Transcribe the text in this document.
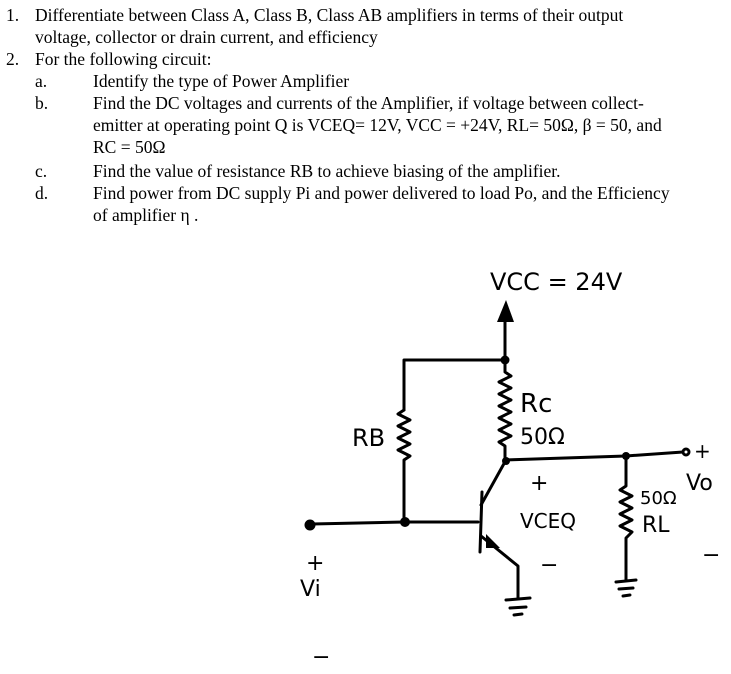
1. Differentiate between Class A, Class B, Class AB amplifiers in terms of their output
voltage, collector or drain current, and efficiency
2. For the following circuit:
a.	Identify the type of Power Amplifier
b.	Find the DC voltages and currents of the Amplifier, if voltage between collect-
emitter at operating point Q is VCEQ= 12V, VCC = +24V, RL= 50Ω, β = 50, and
RC = 50Ω
c.	Find the value of resistance RB to achieve biasing of the amplifier.
d.	Find power from DC supply Pi and power delivered to load Po, and the Efficiency
of amplifier η .
VCC = 24V
Rc
50Ω
RB
+
VCEQ
−
50Ω
RL
+
Vo
−
+
Vi
−
